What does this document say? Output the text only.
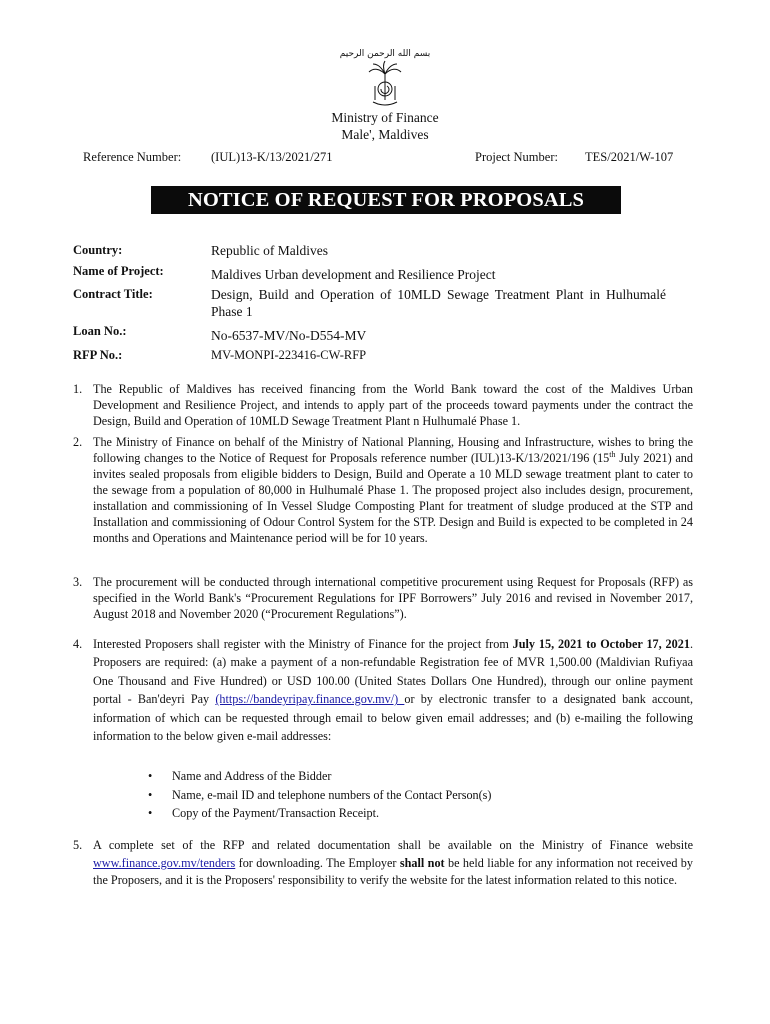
بسم الله الرحمن الرحيم
Ministry of Finance
Male', Maldives
Reference Number: (IUL)13-K/13/2021/271	Project Number: TES/2021/W-107
NOTICE OF REQUEST FOR PROPOSALS
Country:	Republic of Maldives
Name of Project:	Maldives Urban development and Resilience Project
Contract Title:	Design, Build and Operation of 10MLD Sewage Treatment Plant in Hulhumalé Phase 1
Loan No.:	No-6537-MV/No-D554-MV
RFP No.:	MV-MONPI-223416-CW-RFP
1. The Republic of Maldives has received financing from the World Bank toward the cost of the Maldives Urban Development and Resilience Project, and intends to apply part of the proceeds toward payments under the contract the Design, Build and Operation of 10MLD Sewage Treatment Plant n Hulhumalé Phase 1.
2. The Ministry of Finance on behalf of the Ministry of National Planning, Housing and Infrastructure, wishes to bring the following changes to the Notice of Request for Proposals reference number (IUL)13-K/13/2021/196 (15th July 2021) and invites sealed proposals from eligible bidders to Design, Build and Operate a 10 MLD sewage treatment plant to cater to the sewage from a population of 80,000 in Hulhumalé Phase 1. The proposed project also includes design, procurement, installation and commissioning of In Vessel Sludge Composting Plant for treatment of sludge produced at the STP and Installation and commissioning of Odour Control System for the STP. Design and Build is expected to be completed in 24 months and Operations and Maintenance period will be for 10 years.
3. The procurement will be conducted through international competitive procurement using Request for Proposals (RFP) as specified in the World Bank's “Procurement Regulations for IPF Borrowers” July 2016 and revised in November 2017, August 2018 and November 2020 (“Procurement Regulations”).
4. Interested Proposers shall register with the Ministry of Finance for the project from July 15, 2021 to October 17, 2021. Proposers are required: (a) make a payment of a non-refundable Registration fee of MVR 1,500.00 (Maldivian Rufiyaa One Thousand and Five Hundred) or USD 100.00 (United States Dollars One Hundred), through our online payment portal - Ban'deyri Pay (https://bandeyripay.finance.gov.mv/) or by electronic transfer to a designated bank account, information of which can be requested through email to below given email addresses; and (b) e-mailing the following information to the below given e-mail addresses:
•	Name and Address of the Bidder
•	Name, e-mail ID and telephone numbers of the Contact Person(s)
•	Copy of the Payment/Transaction Receipt.
5. A complete set of the RFP and related documentation shall be available on the Ministry of Finance website www.finance.gov.mv/tenders for downloading. The Employer shall not be held liable for any information not received by the Proposers, and it is the Proposers' responsibility to verify the website for the latest information related to this notice.
